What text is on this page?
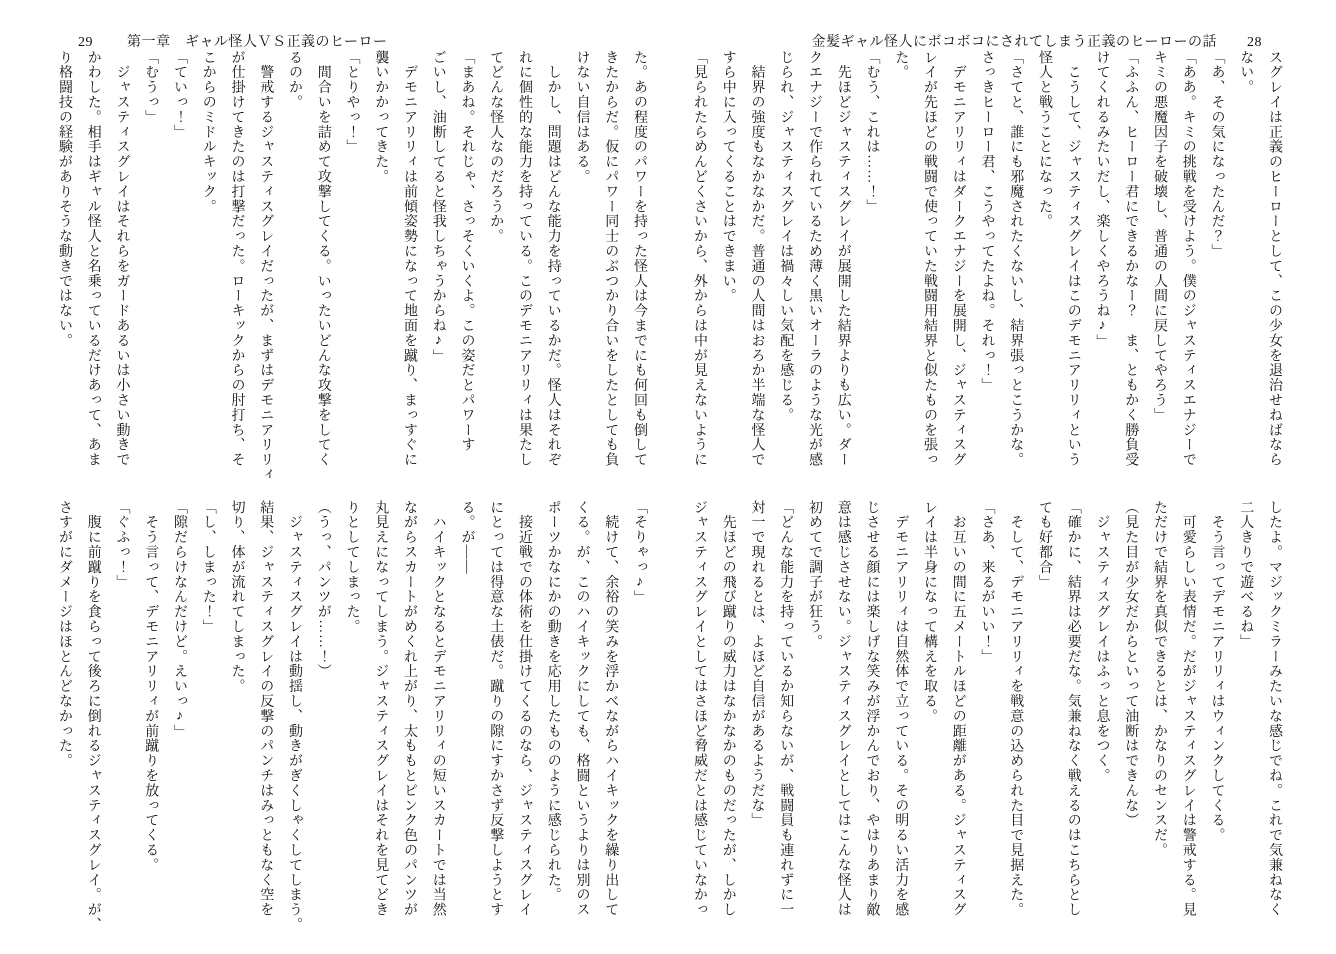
29 第一章　ギャル怪人ＶＳ正義のヒーロー	金髪ギャル怪人にボコボコにされてしまう正義のヒーローの話 28
た。あの程度のパワーを持った怪人は今までにも何回も倒して
きたからだ。仮にパワー同士のぶつかり合いをしたとしても負
けない自信はある。
　しかし、問題はどんな能力を持っているかだ。怪人はそれぞ
れに個性的な能力を持っている。このデモニアリリィは果たし
てどんな怪人なのだろうか。
「まあね。それじゃ、さっそくいくよ。この姿だとパワーす
ごいし、油断してると怪我しちゃうからね♪」
　デモニアリリィは前傾姿勢になって地面を蹴り、まっすぐに
襲いかかってきた。
「とりやっ！」
　間合いを詰めて攻撃してくる。いったいどんな攻撃をしてく
るのか。
　警戒するジャスティスグレイだったが、まずはデモニアリリィ
が仕掛けてきたのは打撃だった。ローキックからの肘打ち、そ
こからのミドルキック。
「ていっ！」
「むうっ」
　ジャスティスグレイはそれらをガードあるいは小さい動きで
かわした。相手はギャル怪人と名乗っているだけあって、あま
り格闘技の経験がありそうな動きではない。
「そりゃっ♪」
　続けて、余裕の笑みを浮かべながらハイキックを繰り出して
くる。が、このハイキックにしても、格闘というよりは別のス
ポーツかなにかの動きを応用したもののように感じられた。
　接近戦での体術を仕掛けてくるのなら、ジャスティスグレイ
にとっては得意な土俵だ。蹴りの隙にすかさず反撃しようとす
る。が――
　ハイキックとなるとデモニアリリィの短いスカートでは当然
ながらスカートがめくれ上がり、太ももとピンク色のパンツが
丸見えになってしまう。ジャスティスグレイはそれを見てどき
りとしてしまった。
（うっ、パンツが……！）
　ジャスティスグレイは動揺し、動きがぎくしゃくしてしまう。
結果、ジャスティスグレイの反撃のパンチはみっともなく空を
切り、体が流れてしまった。
「し、しまった！」
「隙だらけなんだけど。えいっ♪」
　そう言って、デモニアリリィが前蹴りを放ってくる。
「ぐふっ！」
　腹に前蹴りを食らって後ろに倒れるジャスティスグレイ。が、
さすがにダメージはほとんどなかった。
スグレイは正義のヒーローとして、この少女を退治せねばなら
ない。
「あ、その気になったんだ？」
「ああ。キミの挑戦を受けよう。僕のジャスティスエナジーで
キミの悪魔因子を破壊し、普通の人間に戻してやろう」
「ふふん、ヒーロー君にできるかなー？　ま、ともかく勝負受
けてくれるみたいだし、楽しくやろうね♪」
　こうして、ジャスティスグレイはこのデモニアリリィという
怪人と戦うことになった。
「さてと、誰にも邪魔されたくないし、結界張っとこうかな。
さっきヒーロー君、こうやってたよね。それっ！」
　デモニアリリィはダークエナジーを展開し、ジャスティスグ
レイが先ほどの戦闘で使っていた戦闘用結界と似たものを張っ
た。
「むう、これは……！」
　先ほどジャスティスグレイが展開した結界よりも広い。ダー
クエナジーで作られているため薄く黒いオーラのような光が感
じられ、ジャスティスグレイは禍々しい気配を感じる。
　結界の強度もなかなかだ。普通の人間はおろか半端な怪人で
すら中に入ってくることはできまい。
「見られたらめんどくさいから、外からは中が見えないように
したよ。マジックミラーみたいな感じでね。これで気兼ねなく
二人きりで遊べるね」
　そう言ってデモニアリリィはウィンクしてくる。
　可愛らしい表情だ。だがジャスティスグレイは警戒する。見
ただけで結界を真似できるとは、かなりのセンスだ。
（見た目が少女だからといって油断はできんな）
　ジャスティスグレイはふっと息をつく。
「確かに、結界は必要だな。気兼ねなく戦えるのはこちらとし
ても好都合」
　そして、デモニアリリィを戦意の込められた目で見据えた。
「さあ、来るがいい！」
　お互いの間に五メートルほどの距離がある。ジャスティスグ
レイは半身になって構えを取る。
　デモニアリリィは自然体で立っている。その明るい活力を感
じさせる顔には楽しげな笑みが浮かんでおり、やはりあまり敵
意は感じさせない。ジャスティスグレイとしてはこんな怪人は
初めてで調子が狂う。
「どんな能力を持っているか知らないが、戦闘員も連れずに一
対一で現れるとは、よほど自信があるようだな」
　先ほどの飛び蹴りの威力はなかなかのものだったが、しかし
ジャスティスグレイとしてはさほど脅威だとは感じていなかっ
